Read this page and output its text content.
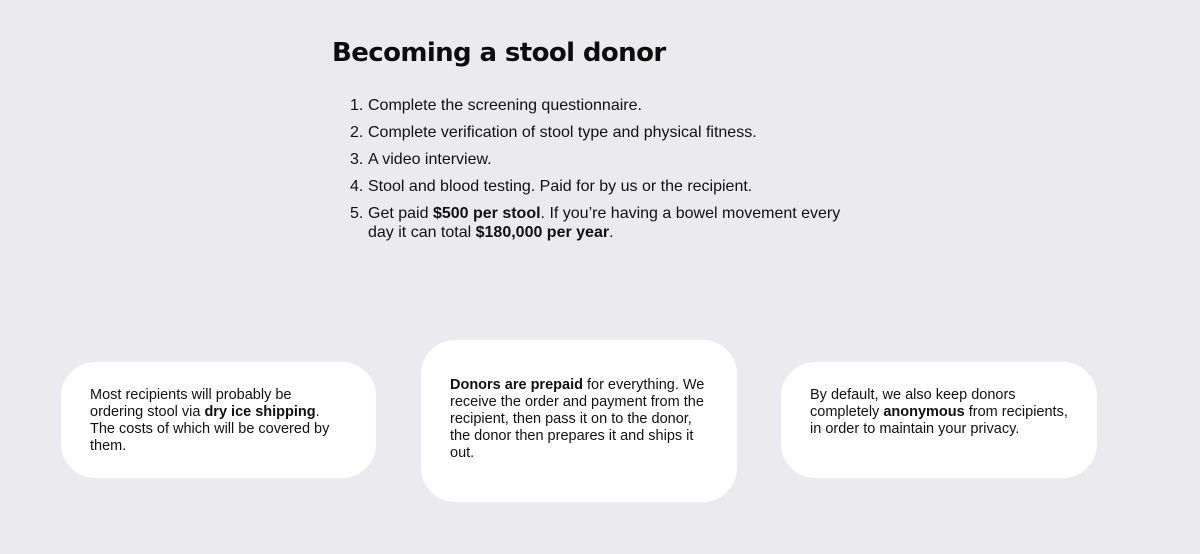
Becoming a stool donor
1. Complete the screening questionnaire.
2. Complete verification of stool type and physical fitness.
3. A video interview.
4. Stool and blood testing. Paid for by us or the recipient.
5. Get paid $500 per stool. If you’re having a bowel movement every day it can total $180,000 per year.
Most recipients will probably be ordering stool via dry ice shipping. The costs of which will be covered by them.
Donors are prepaid for everything. We receive the order and payment from the recipient, then pass it on to the donor, the donor then prepares it and ships it out.
By default, we also keep donors completely anonymous from recipients, in order to maintain your privacy.
